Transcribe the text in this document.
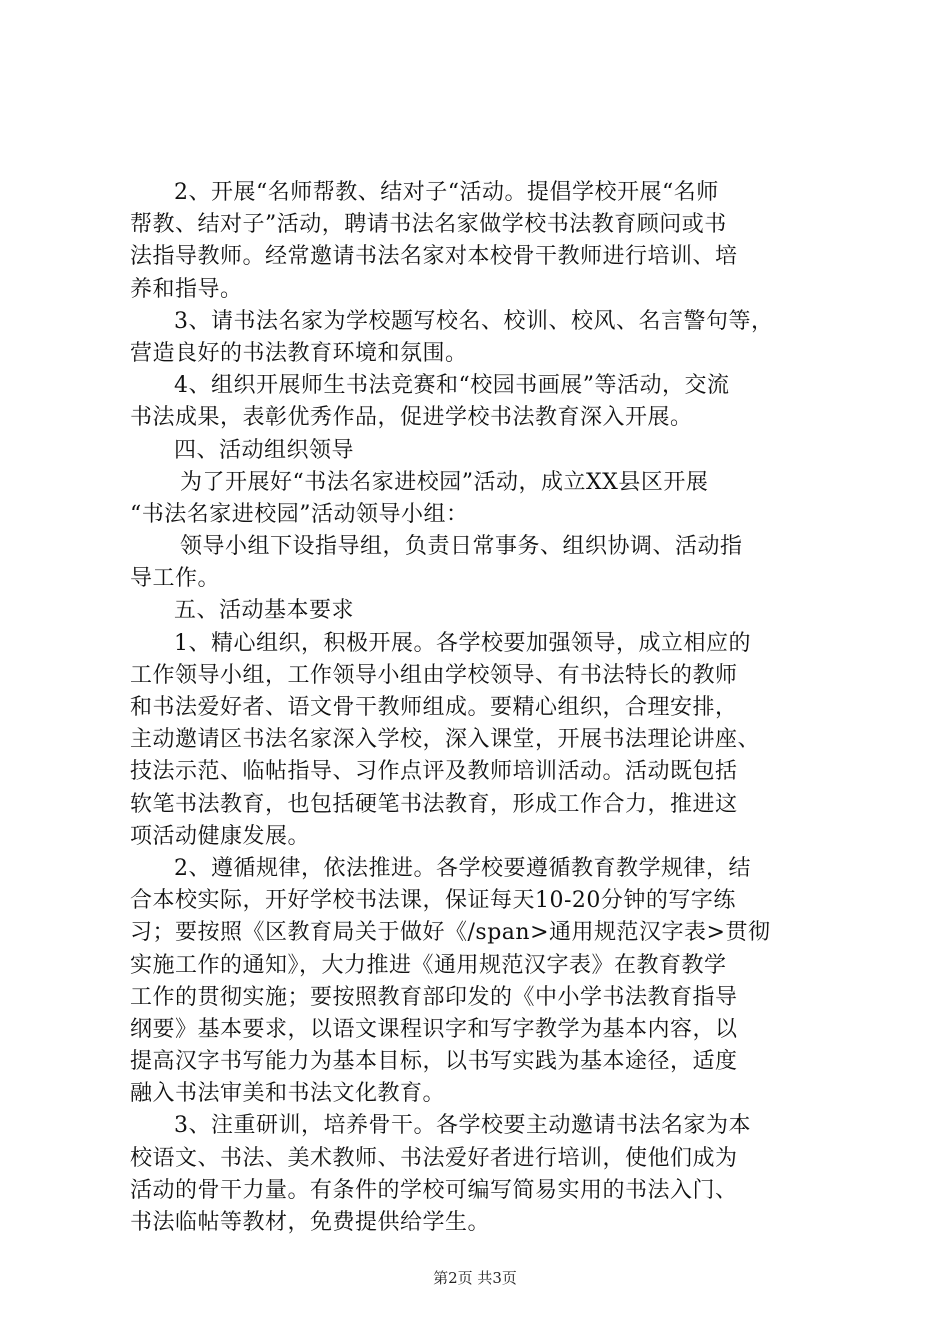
2、开展“名师帮教、结对子“活动。提倡学校开展“名师
帮教、结对子”活动，聘请书法名家做学校书法教育顾问或书
法指导教师。经常邀请书法名家对本校骨干教师进行培训、培
养和指导。
3、请书法名家为学校题写校名、校训、校风、名言警句等，
营造良好的书法教育环境和氛围。
4、组织开展师生书法竞赛和“校园书画展”等活动，交流
书法成果，表彰优秀作品，促进学校书法教育深入开展。
四、活动组织领导
为了开展好“书法名家进校园”活动，成立XX县区开展
“书法名家进校园”活动领导小组：
领导小组下设指导组，负责日常事务、组织协调、活动指
导工作。
五、活动基本要求
1、精心组织，积极开展。各学校要加强领导，成立相应的
工作领导小组，工作领导小组由学校领导、有书法特长的教师
和书法爱好者、语文骨干教师组成。要精心组织，合理安排，
主动邀请区书法名家深入学校，深入课堂，开展书法理论讲座、
技法示范、临帖指导、习作点评及教师培训活动。活动既包括
软笔书法教育，也包括硬笔书法教育，形成工作合力，推进这
项活动健康发展。
2、遵循规律，依法推进。各学校要遵循教育教学规律，结
合本校实际，开好学校书法课，保证每天10-20分钟的写字练
习；要按照《区教育局关于做好《/span>通用规范汉字表>贯彻
实施工作的通知》，大力推进《通用规范汉字表》在教育教学
工作的贯彻实施；要按照教育部印发的《中小学书法教育指导
纲要》基本要求，以语文课程识字和写字教学为基本内容，以
提高汉字书写能力为基本目标，以书写实践为基本途径，适度
融入书法审美和书法文化教育。
3、注重研训，培养骨干。各学校要主动邀请书法名家为本
校语文、书法、美术教师、书法爱好者进行培训，使他们成为
活动的骨干力量。有条件的学校可编写简易实用的书法入门、
书法临帖等教材，免费提供给学生。
第2页 共3页
